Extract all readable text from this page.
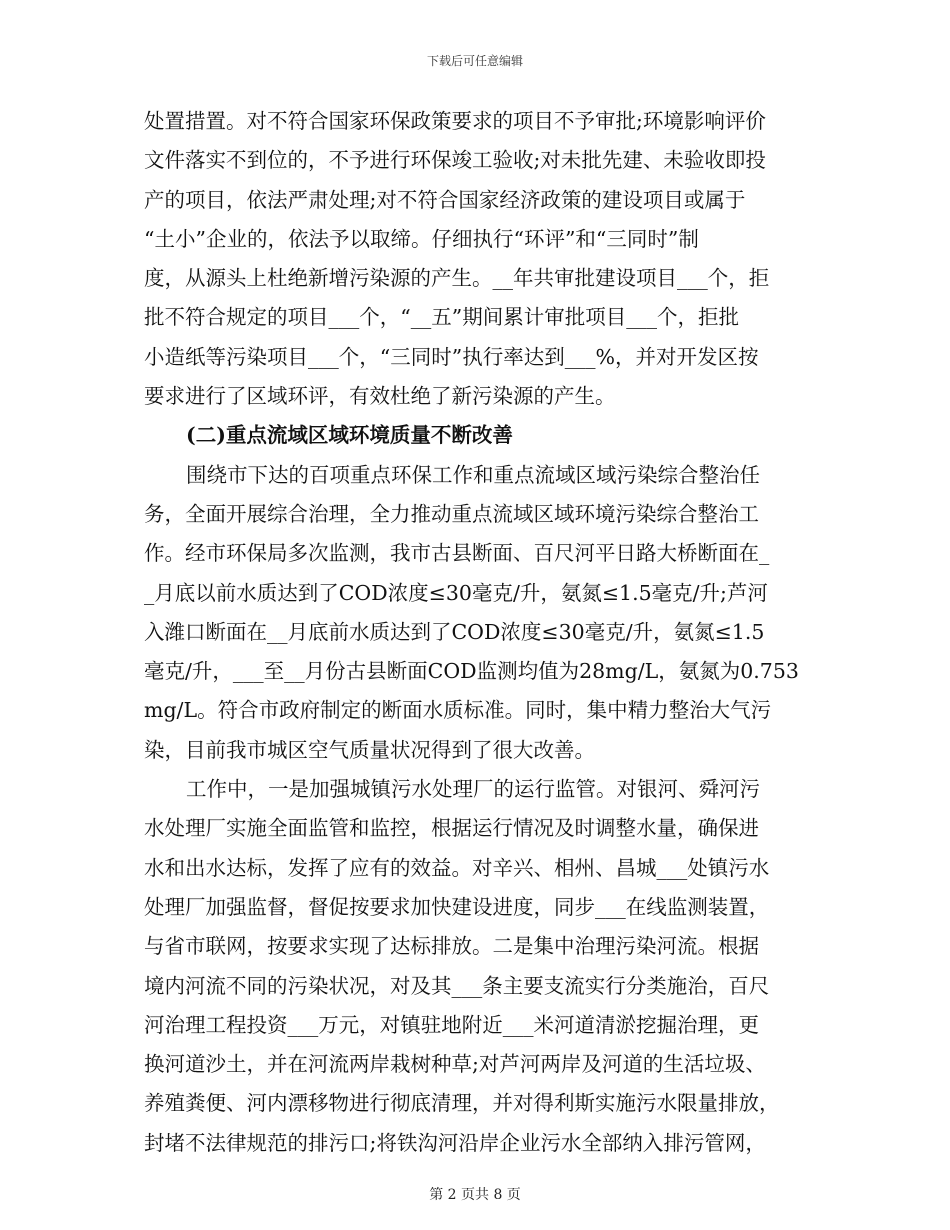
下载后可任意编辑
处置措置。对不符合国家环保政策要求的项目不予审批;环境影响评价
文件落实不到位的，不予进行环保竣工验收;对未批先建、未验收即投
产的项目，依法严肃处理;对不符合国家经济政策的建设项目或属于
“土小”企业的，依法予以取缔。仔细执行“环评”和“三同时”制
度，从源头上杜绝新增污染源的产生。__年共审批建设项目___个，拒
批不符合规定的项目___个，“__五”期间累计审批项目___个，拒批
小造纸等污染项目___个，“三同时”执行率达到___%，并对开发区按
要求进行了区域环评，有效杜绝了新污染源的产生。
(二)重点流域区域环境质量不断改善
围绕市下达的百项重点环保工作和重点流域区域污染综合整治任
务，全面开展综合治理，全力推动重点流域区域环境污染综合整治工
作。经市环保局多次监测，我市古县断面、百尺河平日路大桥断面在_
_月底以前水质达到了COD浓度≤30毫克/升，氨氮≤1.5毫克/升;芦河
入潍口断面在__月底前水质达到了COD浓度≤30毫克/升，氨氮≤1.5
毫克/升，___至__月份古县断面COD监测均值为28mg/L，氨氮为0.753
mg/L。符合市政府制定的断面水质标准。同时，集中精力整治大气污
染，目前我市城区空气质量状况得到了很大改善。
工作中，一是加强城镇污水处理厂的运行监管。对银河、舜河污
水处理厂实施全面监管和监控，根据运行情况及时调整水量，确保进
水和出水达标，发挥了应有的效益。对辛兴、相州、昌城___处镇污水
处理厂加强监督，督促按要求加快建设进度，同步___在线监测装置，
与省市联网，按要求实现了达标排放。二是集中治理污染河流。根据
境内河流不同的污染状况，对及其___条主要支流实行分类施治，百尺
河治理工程投资___万元，对镇驻地附近___米河道清淤挖掘治理，更
换河道沙土，并在河流两岸栽树种草;对芦河两岸及河道的生活垃圾、
养殖粪便、河内漂移物进行彻底清理，并对得利斯实施污水限量排放，
封堵不法律规范的排污口;将铁沟河沿岸企业污水全部纳入排污管网，
第 2 页共 8 页
